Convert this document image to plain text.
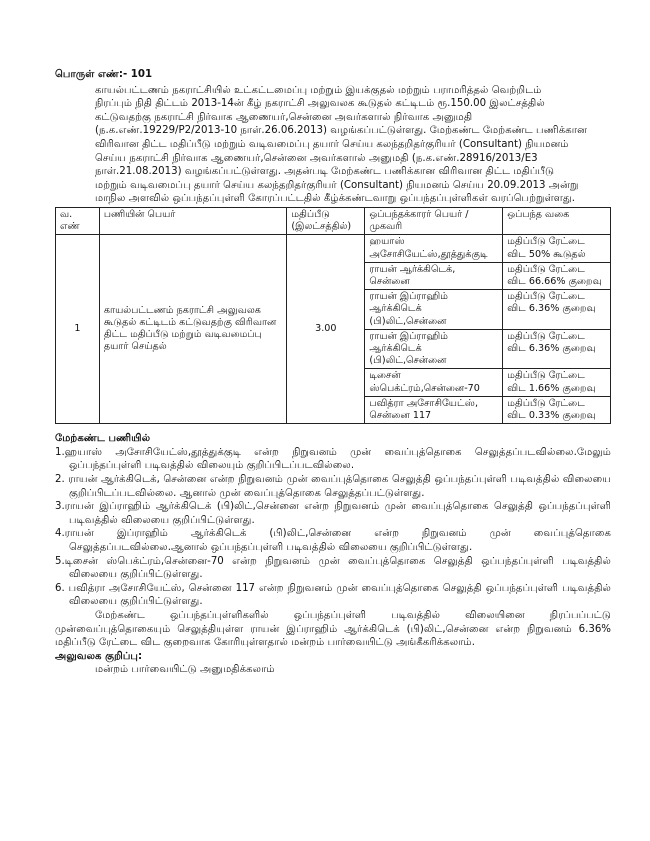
பொருள் எண்:- 101
காயல்பட்டணம் நகராட்சியில் உட்கட்டமைப்பு மற்றும் இயக்குதல் மற்றும் பராமரித்தல் வெற்றிடம்
நிரப்பும் நிதி திட்டம் 2013-14ன் கீழ் நகராட்சி அலுவலக கூடுதல் கட்டிடம் ரூ.150.00 இலட்சத்தில்
கட்டுவதற்கு நகராட்சி நிர்வாக ஆணையர்,சென்னை அவர்களால் நிர்வாக அனுமதி
(ந.க.எண்.19229/P2/2013-10 நாள்.26.06.2013) வழங்கப்பட்டுள்ளது. மேற்கண்ட மேற்கண்ட பணிக்கான
விரிவான திட்ட மதிப்பீடு மற்றும் வடிவமைப்பு தயார் செய்ய கலந்தறிதர்குரியர் (Consultant) நியமனம்
செய்ய நகராட்சி நிர்வாக ஆணையர்,சென்னை அவர்களால் அனுமதி (ந.க.எண்.28916/2013/E3
நாள்.21.08.2013) வழங்கப்பட்டுள்ளது. அதன்படி மேற்கண்ட பணிக்கான விரிவான திட்ட மதிப்பீடு
மற்றும் வடிவமைப்பு தயார் செய்ய கலந்தறிதர்குரியர் (Consultant) நியமனம் செய்ய 20.09.2013 அன்று
மாநில அளவில் ஒப்பந்தப்புள்ளி கோரப்பட்டதில் கீழ்க்கண்டவாறு ஒப்பந்தப்புள்ளிகள் வரப்பெற்றுள்ளது.
வ. எண்	பணியின் பெயர்	மதிப்பீடு (இலட்சத்தில்)	ஒப்பந்தக்காரர் பெயர் / முகவரி	ஒப்பந்த வகை
1	காயல்பட்டணம் நகராட்சி அலுவலக கூடுதல் கட்டிடம் கட்டுவதற்கு விரிவான திட்ட மதிப்பீடு மற்றும் வடிவமைப்பு தயார் செய்தல்	3.00	ஹயாஸ் அசோசியேட்ஸ்,தூத்துக்குடி	மதிப்பீடு ரேட்டை விட 50% கூடுதல்
			ராயன் ஆர்க்கிடெக், சென்னை	மதிப்பீடு ரேட்டை விட 66.66% குறைவு
			ராயன் இப்ராஹிம் ஆர்க்கிடெக் (பி)லிட்,சென்னை	மதிப்பீடு ரேட்டை விட 6.36% குறைவு
			ராயன் இப்ராஹிம் ஆர்க்கிடெக் (பி)லிட்,சென்னை	மதிப்பீடு ரேட்டை விட 6.36% குறைவு
			டிசைன் ஸ்பெக்ட்ரம்,சென்னை-70	மதிப்பீடு ரேட்டை விட 1.66% குறைவு
			பவித்ரா அசோசியேட்ஸ், சென்னை 117	மதிப்பீடு ரேட்டை விட 0.33% குறைவு
மேற்கண்ட பணியில்
1.ஹயாஸ் அசோசியேட்ஸ்,தூத்துக்குடி என்ற நிறுவனம் முன் வைப்புத்தொகை செலுத்தப்படவில்லை.மேலும் ஒப்பந்தப்புள்ளி படிவத்தில் விலையும் குறிப்பிடப்படவில்லை.
2. ராயன் ஆர்க்கிடெக், சென்னை என்ற நிறுவனம் முன் வைப்புத்தொகை செலுத்தி ஒப்பந்தப்புள்ளி படிவத்தில் விலையை குறிப்பிடப்படவில்லை. ஆனால் முன் வைப்புத்தொகை செலுத்தப்பட்டுள்ளது.
3.ராயன் இப்ராஹிம் ஆர்க்கிடெக் (பி)லிட்,சென்னை என்ற நிறுவனம் முன் வைப்புத்தொகை செலுத்தி ஒப்பந்தப்புள்ளி படிவத்தில் விலையை குறிப்பிட்டுள்ளது.
4.ராயன் இப்ராஹிம் ஆர்க்கிடெக் (பி)லிட்,சென்னை என்ற நிறுவனம் முன் வைப்புத்தொகை செலுத்தப்படவில்லை.ஆனால் ஒப்பந்தப்புள்ளி படிவத்தில் விலையை குறிப்பிட்டுள்ளது.
5.டிசைன் ஸ்பெக்ட்ரம்,சென்னை-70 என்ற நிறுவனம் முன் வைப்புத்தொகை செலுத்தி ஒப்பந்தப்புள்ளி படிவத்தில் விலையை குறிப்பிட்டுள்ளது.
6. பவித்ரா அசோசியேட்ஸ், சென்னை 117 என்ற நிறுவனம் முன் வைப்புத்தொகை செலுத்தி ஒப்பந்தப்புள்ளி படிவத்தில் விலையை குறிப்பிட்டுள்ளது.
மேற்கண்ட ஒப்பந்தப்புள்ளிகளில் ஒப்பந்தப்புள்ளி படிவத்தில் விலையினை நிரப்பப்பட்டு முன்வைப்புத்தொகையும் செலுத்தியுள்ள ராயன் இப்ராஹிம் ஆர்க்கிடெக் (பி)லிட்,சென்னை என்ற நிறுவனம் 6.36% மதிப்பீடு ரேட்டை விட குறைவாக கோரியுள்ளதால் மன்றம் பார்வையிட்டு அங்கீகரிக்கலாம்.
அலுவலக குறிப்பு:
மன்றம் பார்வையிட்டு அனுமதிக்கலாம்
